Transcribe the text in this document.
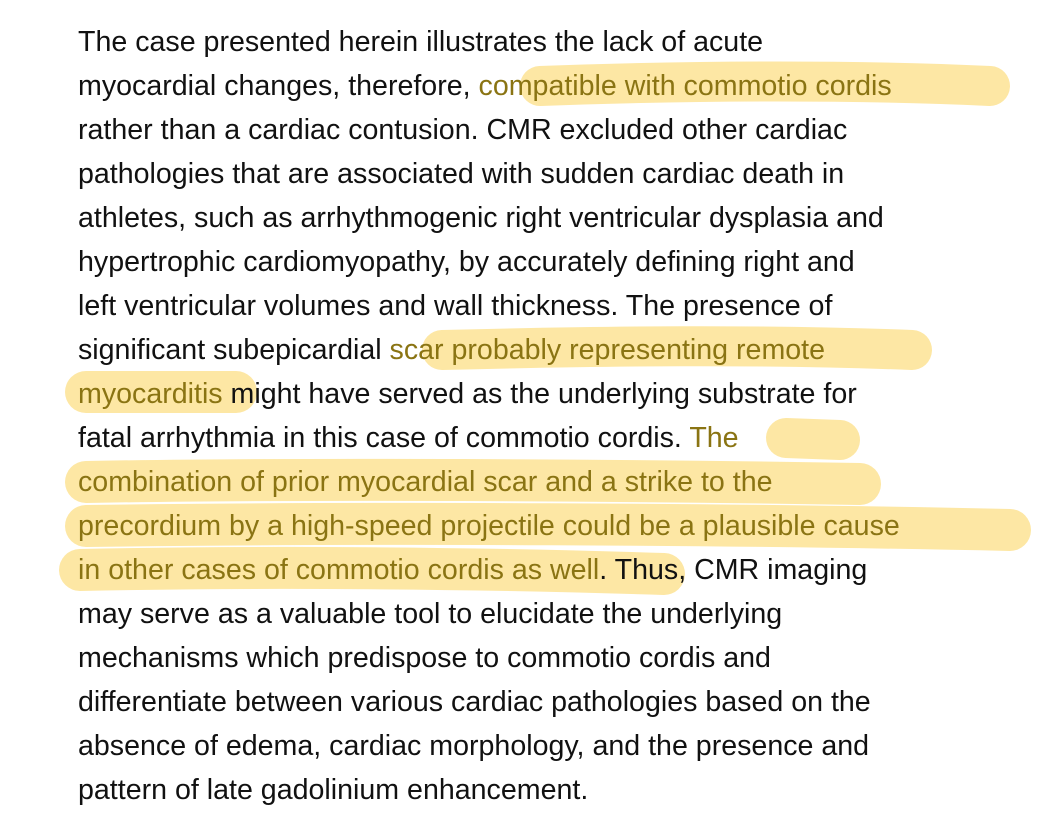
The case presented herein illustrates the lack of acute
myocardial changes, therefore, compatible with commotio cordis
rather than a cardiac contusion. CMR excluded other cardiac
pathologies that are associated with sudden cardiac death in
athletes, such as arrhythmogenic right ventricular dysplasia and
hypertrophic cardiomyopathy, by accurately defining right and
left ventricular volumes and wall thickness. The presence of
significant subepicardial scar probably representing remote
myocarditis might have served as the underlying substrate for
fatal arrhythmia in this case of commotio cordis. The
combination of prior myocardial scar and a strike to the
precordium by a high-speed projectile could be a plausible cause
in other cases of commotio cordis as well. Thus, CMR imaging
may serve as a valuable tool to elucidate the underlying
mechanisms which predispose to commotio cordis and
differentiate between various cardiac pathologies based on the
absence of edema, cardiac morphology, and the presence and
pattern of late gadolinium enhancement.
